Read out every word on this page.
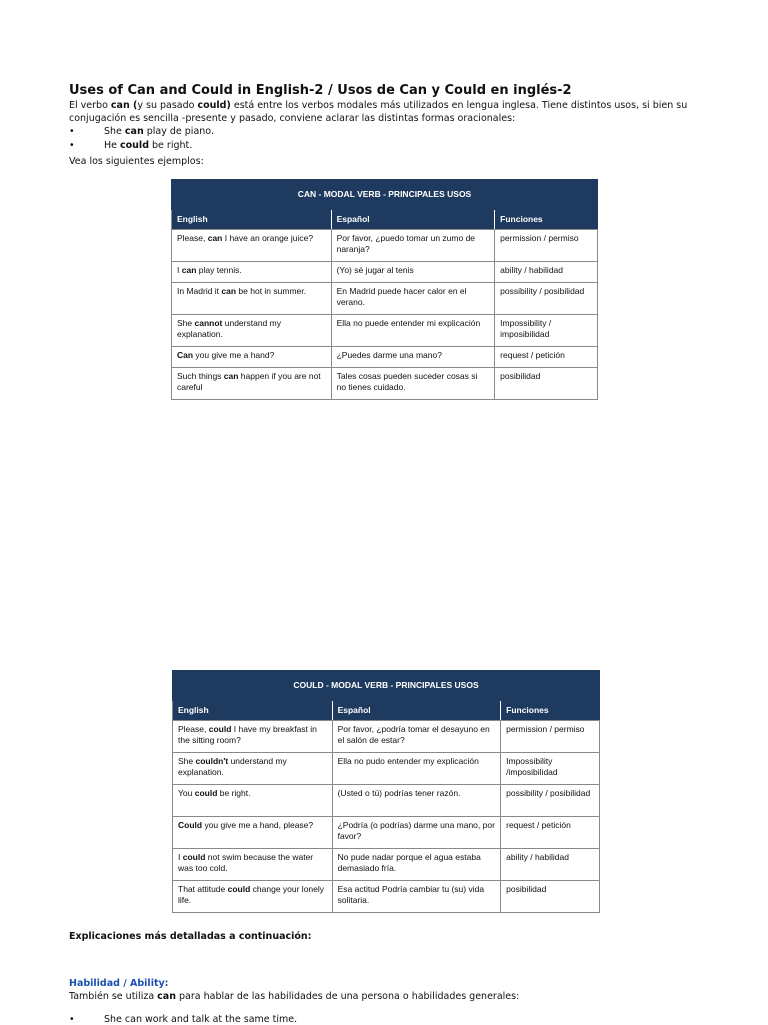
Uses of Can and Could in English-2 / Usos de Can y Could en inglés-2
El verbo can (y su pasado could) está entre los verbos modales más utilizados en lengua inglesa. Tiene distintos usos, si bien su conjugación es sencilla -presente y pasado, conviene aclarar las distintas formas oracionales:
•	She can play de piano.
•	He could be right.
Vea los siguientes ejemplos:
CAN - MODAL VERB - PRINCIPALES USOS		
English	Español	Funciones
Please, can I have an orange juice?	Por favor, ¿puedo tomar un zumo de naranja?	permission / permiso
I can play tennis.	(Yo) sé jugar al tenis	ability / habilidad
In Madrid it can be hot in summer.	En Madrid puede hacer calor en el verano.	possibility / posibilidad
She cannot understand my explanation.	Ella no puede entender mi explicación	Impossibility / imposibilidad
Can you give me a hand?	¿Puedes darme una mano?	request / petición
Such things can happen if you are not careful	Tales cosas pueden suceder cosas si no tienes cuidado.	posibilidad
COULD - MODAL VERB - PRINCIPALES USOS		
English	Español	Funciones
Please, could I have my breakfast in the sitting room?	Por favor, ¿podría tomar el desayuno en el salón de estar?	permission / permiso
She couldn't understand my explanation.	Ella no pudo entender my explicación	Impossibility /imposibilidad
You could be right.	(Usted o tú) podrías tener razón.	possibility / posibilidad
Could you give me a hand, please?	¿Podría (o podrías) darme una mano, por favor?	request / petición
I could not swim because the water was too cold.	No pude nadar porque el agua estaba demasiado fría.	ability / habilidad
That attitude could change your lonely life.	Esa actitud Podría cambiar tu (su) vida solitaria.	posibilidad
Explicaciones más detalladas a continuación:
Habilidad / Ability:
También se utiliza can para hablar de las habilidades de una persona o habilidades generales:
•	She can work and talk at the same time.
